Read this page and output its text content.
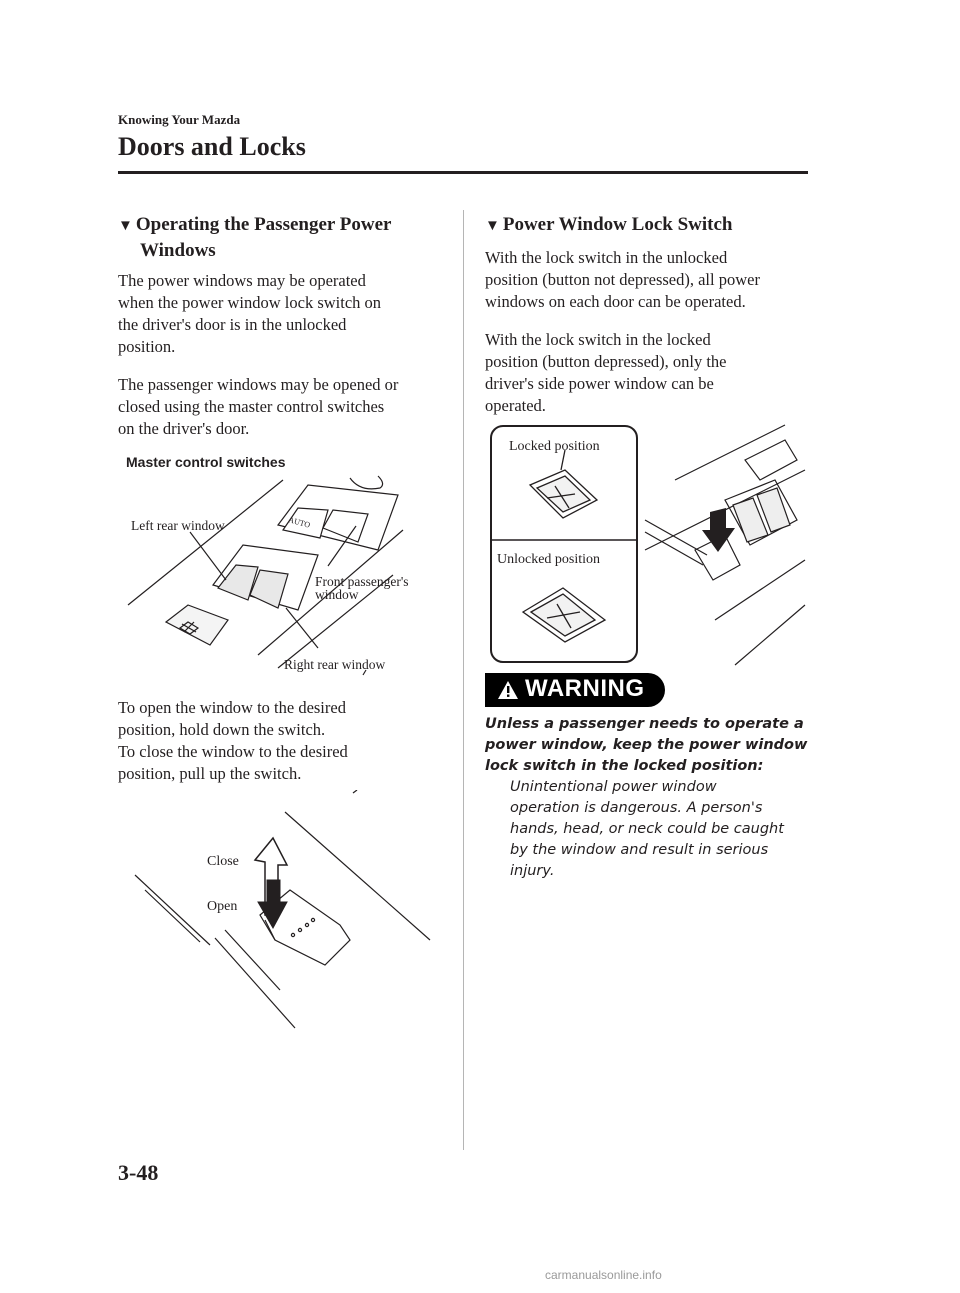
Knowing Your Mazda
Doors and Locks
▼ Operating the Passenger Power
Windows
The power windows may be operated
when the power window lock switch on
the driver's door is in the unlocked
position.
The passenger windows may be opened or
closed using the master control switches
on the driver's door.
Master control switches
AUTO
Left rear window
Front passenger's
window
Right rear window
To open the window to the desired
position, hold down the switch.
To close the window to the desired
position, pull up the switch.
Close
Open
▼ Power Window Lock Switch
With the lock switch in the unlocked
position (button not depressed), all power
windows on each door can be operated.
With the lock switch in the locked
position (button depressed), only the
driver's side power window can be
operated.
Locked position
Unlocked position
WARNING
Unless a passenger needs to operate a
power window, keep the power window
lock switch in the locked position:
Unintentional power window
operation is dangerous. A person's
hands, head, or neck could be caught
by the window and result in serious
injury.
3-48
carmanualsonline.info
